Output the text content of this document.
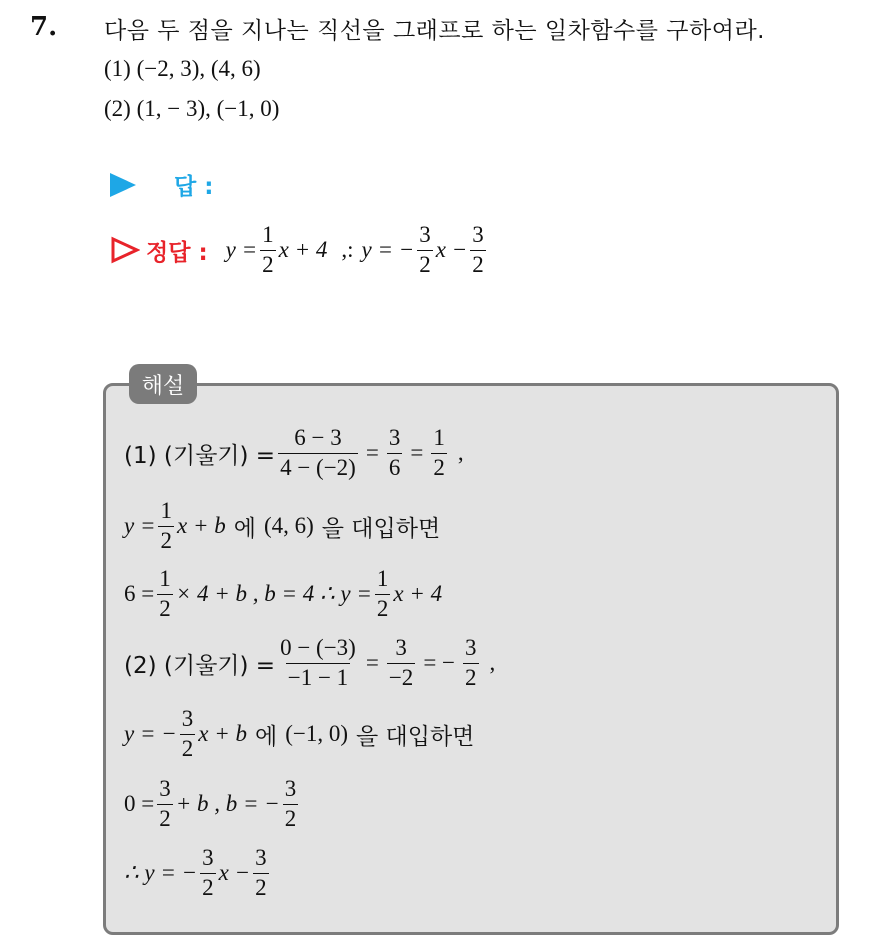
7. 다음 두 점을 지나는 직선을 그래프로 하는 일차함수를 구하여라.
(1) (−2, 3), (4, 6)
(2) (1, − 3), (−1, 0)
답 :
정답 : $y = \frac{1}{2}$ x + 4 ,: y = − $\frac{3}{2}$ $x - \frac{3}{2}$
해설
(1) (기울기) = $\frac{6 - 3}{4 - (-2)} = \frac{3}{6} = \frac{1}{2}$ ,
$y = \frac{1}{2}$ x + b 에 (4, 6) 을 대입하면
$6 = \frac{1}{2} \times 4 + b$ , b = 4 ∴ $y = \frac{1}{2}$ x + 4
(2) (기울기) = $\frac{0 - (-3)}{-1 - 1} = \frac{3}{-2}$ = − $\frac{3}{2}$ ,
y = − $\frac{3}{2}$ x + b 에 (−1, 0) 을 대입하면
$0 = \frac{3}{2} + b$ , b = − $\frac{3}{2}$
∴ y = − $\frac{3}{2}$ $x - \frac{3}{2}$
